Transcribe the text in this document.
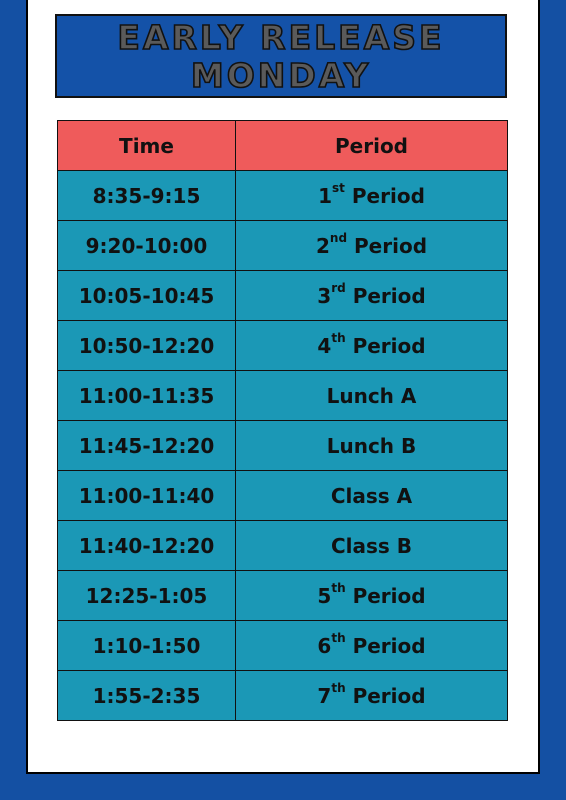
EARLY RELEASE
MONDAY
Time	Period
8:35-9:15	1st Period
9:20-10:00	2nd Period
10:05-10:45	3rd Period
10:50-12:20	4th Period
11:00-11:35	Lunch A
11:45-12:20	Lunch B
11:00-11:40	Class A
11:40-12:20	Class B
12:25-1:05	5th Period
1:10-1:50	6th Period
1:55-2:35	7th Period
